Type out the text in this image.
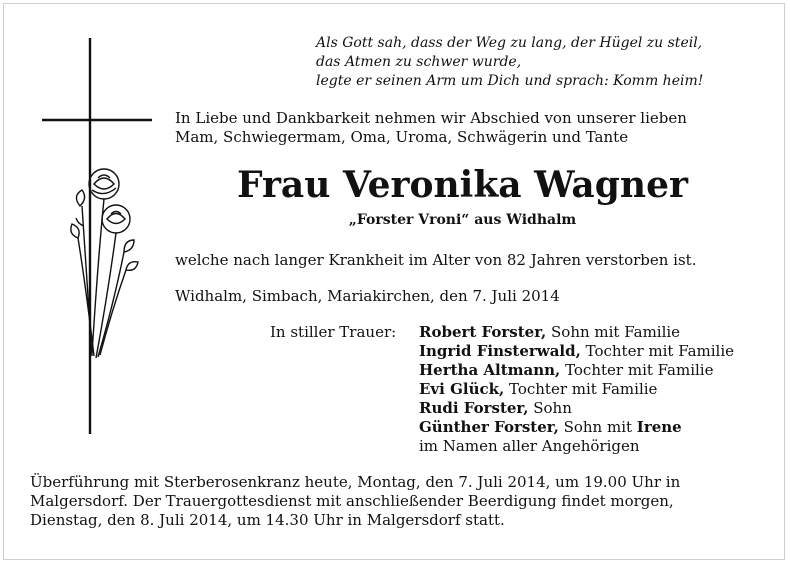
Als Gott sah, dass der Weg zu lang, der Hügel zu steil,
das Atmen zu schwer wurde,
legte er seinen Arm um Dich und sprach: Komm heim!
In Liebe und Dankbarkeit nehmen wir Abschied von unserer lieben
Mam, Schwiegermam, Oma, Uroma, Schwägerin und Tante
Frau Veronika Wagner
„Forster Vroni“ aus Widhalm
welche nach langer Krankheit im Alter von 82 Jahren verstorben ist.
Widhalm, Simbach, Mariakirchen, den 7. Juli 2014
In stiller Trauer:	Robert Forster, Sohn mit Familie
Ingrid Finsterwald, Tochter mit Familie
Hertha Altmann, Tochter mit Familie
Evi Glück, Tochter mit Familie
Rudi Forster, Sohn
Günther Forster, Sohn mit Irene
im Namen aller Angehörigen
Überführung mit Sterberosenkranz heute, Montag, den 7. Juli 2014, um 19.00 Uhr in
Malgersdorf. Der Trauergottesdienst mit anschließender Beerdigung findet morgen,
Dienstag, den 8. Juli 2014, um 14.30 Uhr in Malgersdorf statt.
